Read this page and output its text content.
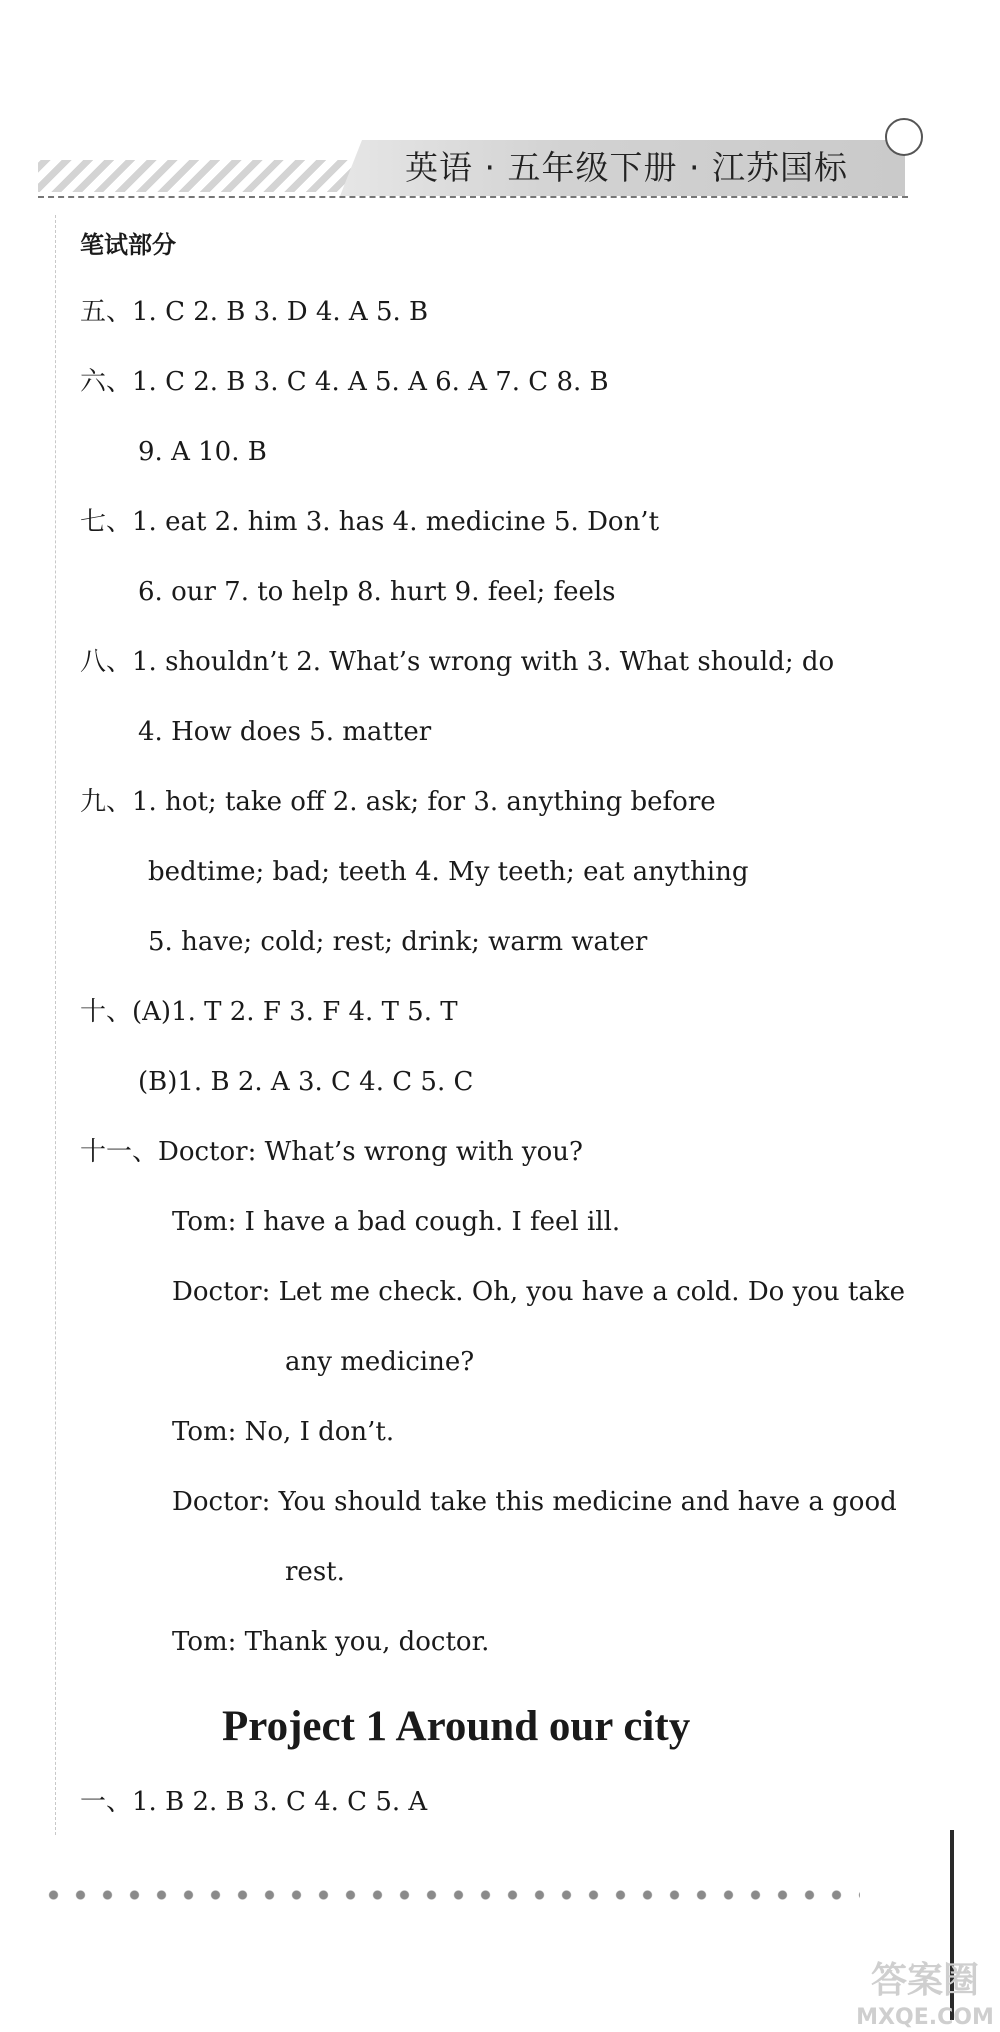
英语 · 五年级下册 · 江苏国标
笔试部分
五、1. C 2. B 3. D 4. A 5. B
六、1. C 2. B 3. C 4. A 5. A 6. A 7. C 8. B
9. A 10. B
七、1. eat 2. him 3. has 4. medicine 5. Don’t
6. our 7. to help 8. hurt 9. feel; feels
八、1. shouldn’t 2. What’s wrong with 3. What should; do
4. How does 5. matter
九、1. hot; take off 2. ask; for 3. anything before
bedtime; bad; teeth 4. My teeth; eat anything
5. have; cold; rest; drink; warm water
十、(A)1. T 2. F 3. F 4. T 5. T
(B)1. B 2. A 3. C 4. C 5. C
十一、Doctor: What’s wrong with you?
Tom: I have a bad cough. I feel ill.
Doctor: Let me check. Oh, you have a cold. Do you take
any medicine?
Tom: No, I don’t.
Doctor: You should take this medicine and have a good
rest.
Tom: Thank you, doctor.
Project 1 Around our city
一、1. B 2. B 3. C 4. C 5. A
答案圈
MXQE.COM
